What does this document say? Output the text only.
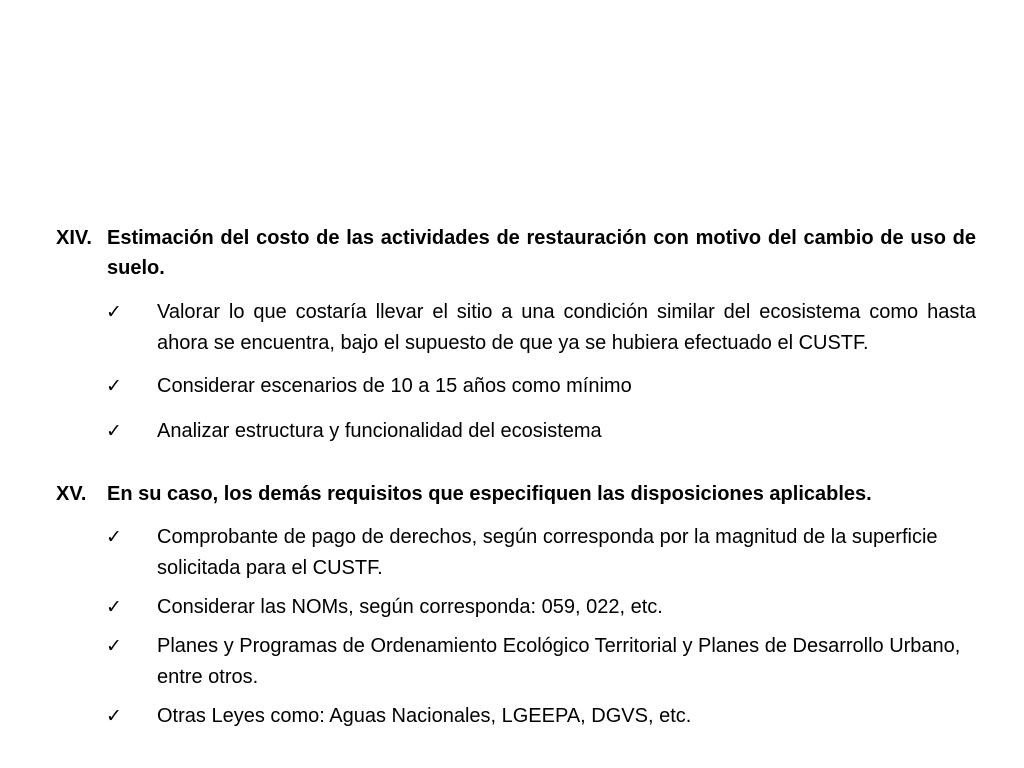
XIV. Estimación del costo de las actividades de restauración con motivo del cambio de uso de suelo.
✓ Valorar lo que costaría llevar el sitio a una condición similar del ecosistema como hasta ahora se encuentra, bajo el supuesto de que ya se hubiera efectuado el CUSTF.
✓ Considerar escenarios de 10 a 15 años como mínimo
✓ Analizar estructura y funcionalidad del ecosistema
XV.	En su caso, los demás requisitos que especifiquen las disposiciones aplicables.
✓ Comprobante de pago de derechos, según corresponda por la magnitud de la superficie solicitada para el CUSTF.
✓ Considerar las NOMs, según corresponda: 059, 022, etc.
✓ Planes y Programas de Ordenamiento Ecológico Territorial y Planes de Desarrollo Urbano, entre otros.
✓ Otras Leyes como: Aguas Nacionales, LGEEPA, DGVS, etc.
